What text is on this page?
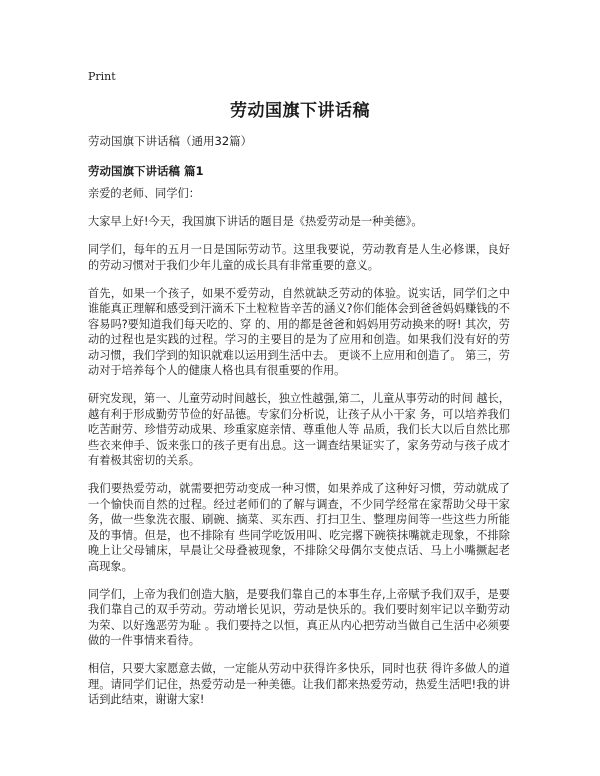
Print
劳动国旗下讲话稿
劳动国旗下讲话稿（通用32篇）
劳动国旗下讲话稿 篇1

亲爱的老师、同学们：

大家早上好!今天，我国旗下讲话的题目是《热爱劳动是一种美德》。

同学们，每年的五月一日是国际劳动节。这里我要说，劳动教育是人生必修课，良好的劳动习惯对于我们少年儿童的成长具有非常重要的意义。

首先，如果一个孩子，如果不爱劳动，自然就缺乏劳动的体验。说实话，同学们之中谁能真正理解和感受到汗滴禾下土粒粒皆辛苦的涵义?你们能体会到爸爸妈妈赚钱的不容易吗?要知道我们每天吃的、穿 的、用的都是爸爸和妈妈用劳动换来的呀! 其次，劳动的过程也是实践的过程。学习的主要目的是为了应用和创造。如果我们没有好的劳动习惯，我们学到的知识就难以运用到生活中去。 更谈不上应用和创造了。 第三，劳动对于培养每个人的健康人格也具有很重要的作用。

研究发现，第一、儿童劳动时间越长，独立性越强,第二，儿童从事劳动的时间 越长，越有利于形成勤劳节俭的好品德。专家们分析说，让孩子从小干家 务，可以培养我们吃苦耐劳、珍惜劳动成果、珍重家庭亲情、尊重他人等 品质，我们长大以后自然比那些衣来伸手、饭来张口的孩子更有出息。这一调查结果证实了，家务劳动与孩子成才有着极其密切的关系。

我们要热爱劳动，就需要把劳动变成一种习惯，如果养成了这种好习惯，劳动就成了一个愉快而自然的过程。经过老师们的了解与调查，不少同学经常在家帮助父母干家务，做一些象洗衣服、刷碗、摘菜、买东西、打扫卫生、整理房间等一些这些力所能及的事情。但是，也不排除有 些同学吃饭用叫、吃完撂下碗筷抹嘴就走现象，不排除晚上让父母铺床，早晨让父母叠被现象，不排除父母偶尔支使点话、马上小嘴撅起老高现象。

同学们，上帝为我们创造大脑，是要我们靠自己的本事生存,上帝赋予我们双手，是要我们靠自己的双手劳动。劳动增长见识，劳动是快乐的。我们要时刻牢记以辛勤劳动为荣、以好逸恶劳为耻 。我们要持之以恒，真正从内心把劳动当做自己生活中必须要做的一件事情来看待。

相信，只要大家愿意去做，一定能从劳动中获得许多快乐，同时也获 得许多做人的道理。请同学们记住，热爱劳动是一种美德。让我们都来热爱劳动，热爱生活吧!我的讲话到此结束，谢谢大家!
